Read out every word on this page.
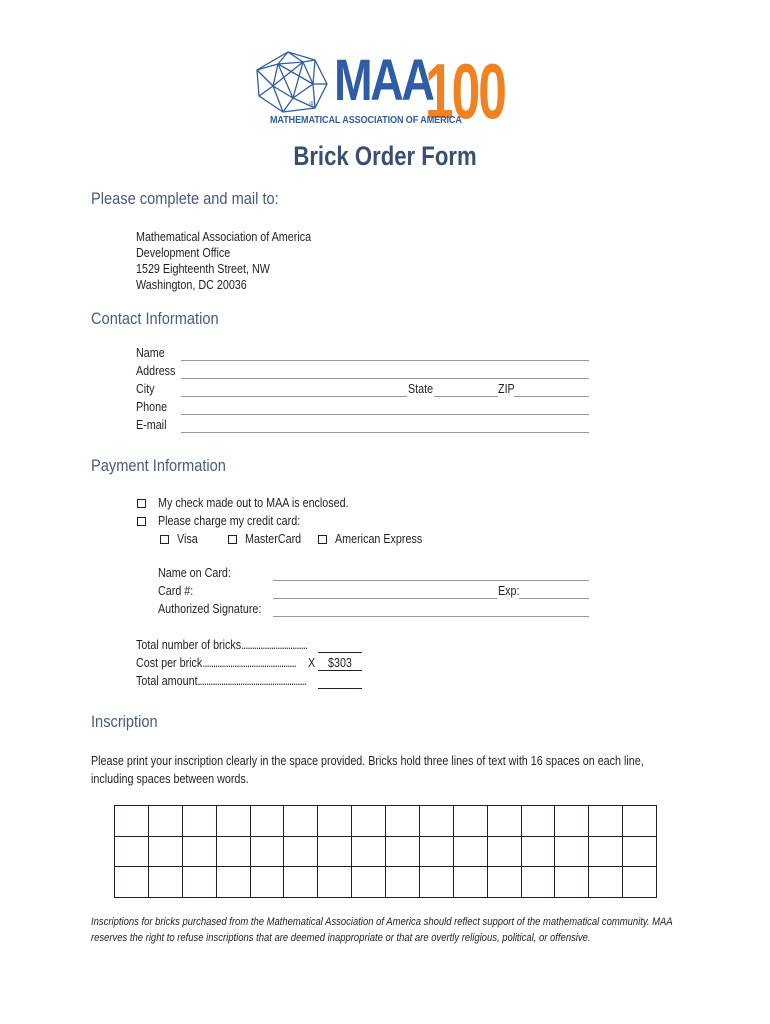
® MAA
100
MATHEMATICAL ASSOCIATION OF AMERICA
Brick Order Form
Please complete and mail to:
Mathematical Association of America
Development Office
1529 Eighteenth Street, NW
Washington, DC 20036
Contact Information
Name
Address
City	State	ZIP
Phone
E-mail
Payment Information
My check made out to MAA is enclosed.
Please charge my credit card:
Visa	MasterCard	American Express
Name on Card:
Card #:	Exp:
Authorized Signature:
Total number of bricks...............................
Cost per brick............................................ X $303
Total amount...................................................
Inscription
Please print your inscription clearly in the space provided. Bricks hold three lines of text with 16 spaces on each line,
including spaces between words.

Inscriptions for bricks purchased from the Mathematical Association of America should reflect support of the mathematical community. MAA
reserves the right to refuse inscriptions that are deemed inappropriate or that are overtly religious, political, or offensive.
